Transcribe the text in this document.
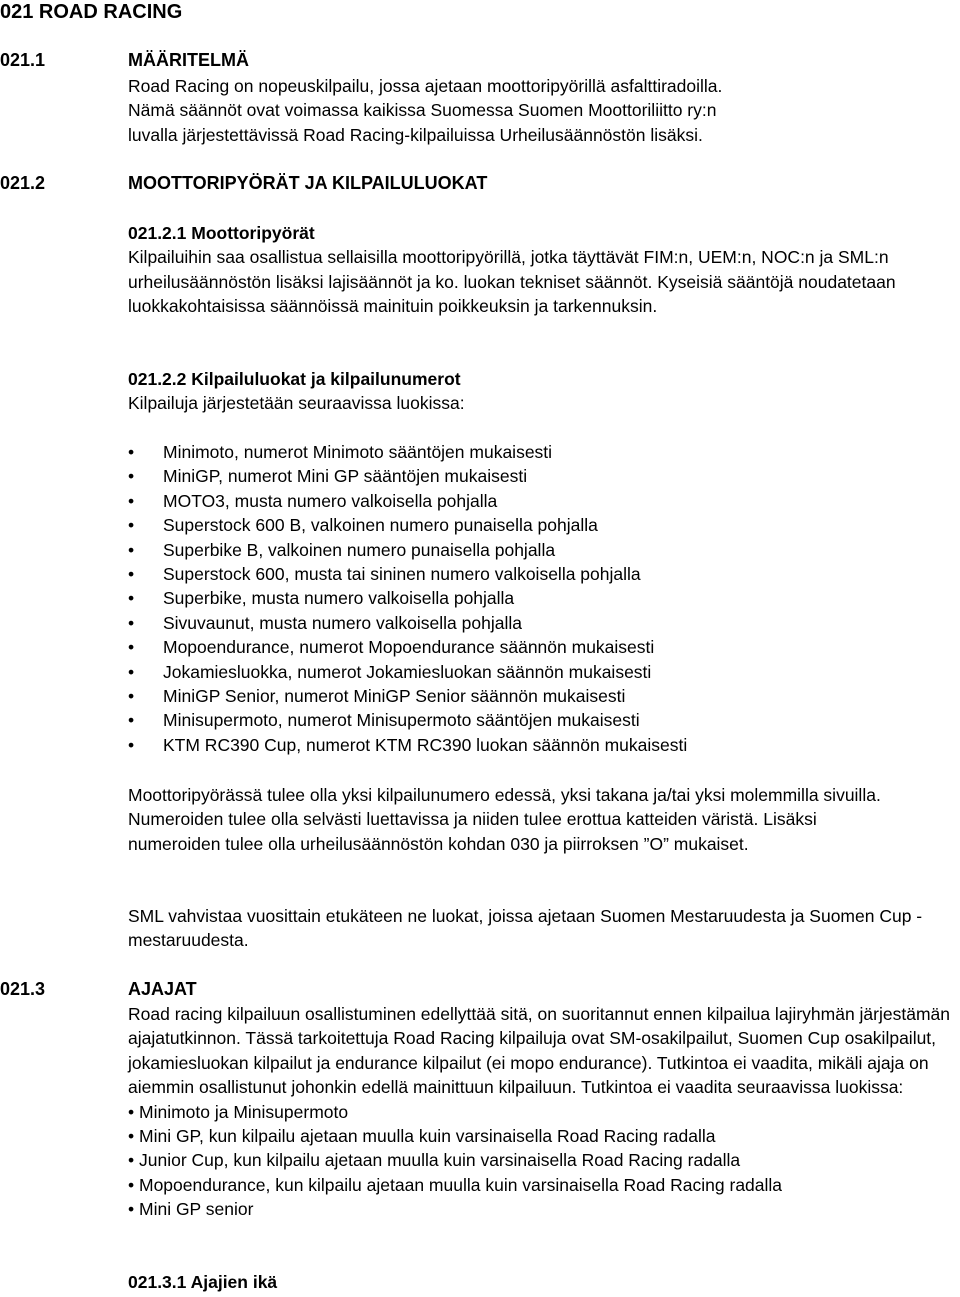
021 ROAD RACING
021.1	MÄÄRITELMÄ

Road Racing on nopeuskilpailu, jossa ajetaan moottoripyörillä asfalttiradoilla. Nämä säännöt ovat voimassa kaikissa Suomessa Suomen Moottoriliitto ry:n luvalla järjestettävissä Road Racing-kilpailuissa Urheilusäännöstön lisäksi.

021.2	MOOTTORIPYÖRÄT JA KILPAILULUOKAT

021.2.1 Moottoripyörät

Kilpailuihin saa osallistua sellaisilla moottoripyörillä, jotka täyttävät FIM:n, UEM:n, NOC:n ja SML:n urheilusäännöstön lisäksi lajisäännöt ja ko. luokan tekniset säännöt. Kyseisiä sääntöjä noudatetaan luokkakohtaisissa säännöissä mainituin poikkeuksin ja tarkennuksin.

021.2.2 Kilpailuluokat ja kilpailunumerot

Kilpailuja järjestetään seuraavissa luokissa:

• Minimoto, numerot Minimoto sääntöjen mukaisesti
• MiniGP, numerot Mini GP sääntöjen mukaisesti
• MOTO3, musta numero valkoisella pohjalla
• Superstock 600 B, valkoinen numero punaisella pohjalla
• Superbike B, valkoinen numero punaisella pohjalla
• Superstock 600, musta tai sininen numero valkoisella pohjalla
• Superbike, musta numero valkoisella pohjalla
• Sivuvaunut, musta numero valkoisella pohjalla
• Mopoendurance, numerot Mopoendurance säännön mukaisesti
• Jokamiesluokka, numerot Jokamiesluokan säännön mukaisesti
• MiniGP Senior, numerot MiniGP Senior säännön mukaisesti
• Minisupermoto, numerot Minisupermoto sääntöjen mukaisesti
• KTM RC390 Cup, numerot KTM RC390 luokan säännön mukaisesti

Moottoripyörässä tulee olla yksi kilpailunumero edessä, yksi takana ja/tai yksi molemmilla sivuilla. Numeroiden tulee olla selvästi luettavissa ja niiden tulee erottua katteiden väristä. Lisäksi numeroiden tulee olla urheilusäännöstön kohdan 030 ja piirroksen ”O” mukaiset.

SML vahvistaa vuosittain etukäteen ne luokat, joissa ajetaan Suomen Mestaruudesta ja Suomen Cup - mestaruudesta.

021.3	AJAJAT

Road racing kilpailuun osallistuminen edellyttää sitä, on suoritannut ennen kilpailua lajiryhmän järjestämän ajajatutkinnon. Tässä tarkoitettuja Road Racing kilpailuja ovat SM-osakilpailut, Suomen Cup osakilpailut, jokamiesluokan kilpailut ja endurance kilpailut (ei mopo endurance). Tutkintoa ei vaadita, mikäli ajaja on aiemmin osallistunut johonkin edellä mainittuun kilpailuun. Tutkintoa ei vaadita seuraavissa luokissa:

• Minimoto ja Minisupermoto
• Mini GP, kun kilpailu ajetaan muulla kuin varsinaisella Road Racing radalla
• Junior Cup, kun kilpailu ajetaan muulla kuin varsinaisella Road Racing radalla
• Mopoendurance, kun kilpailu ajetaan muulla kuin varsinaisella Road Racing radalla
• Mini GP senior

021.3.1 Ajajien ikä
